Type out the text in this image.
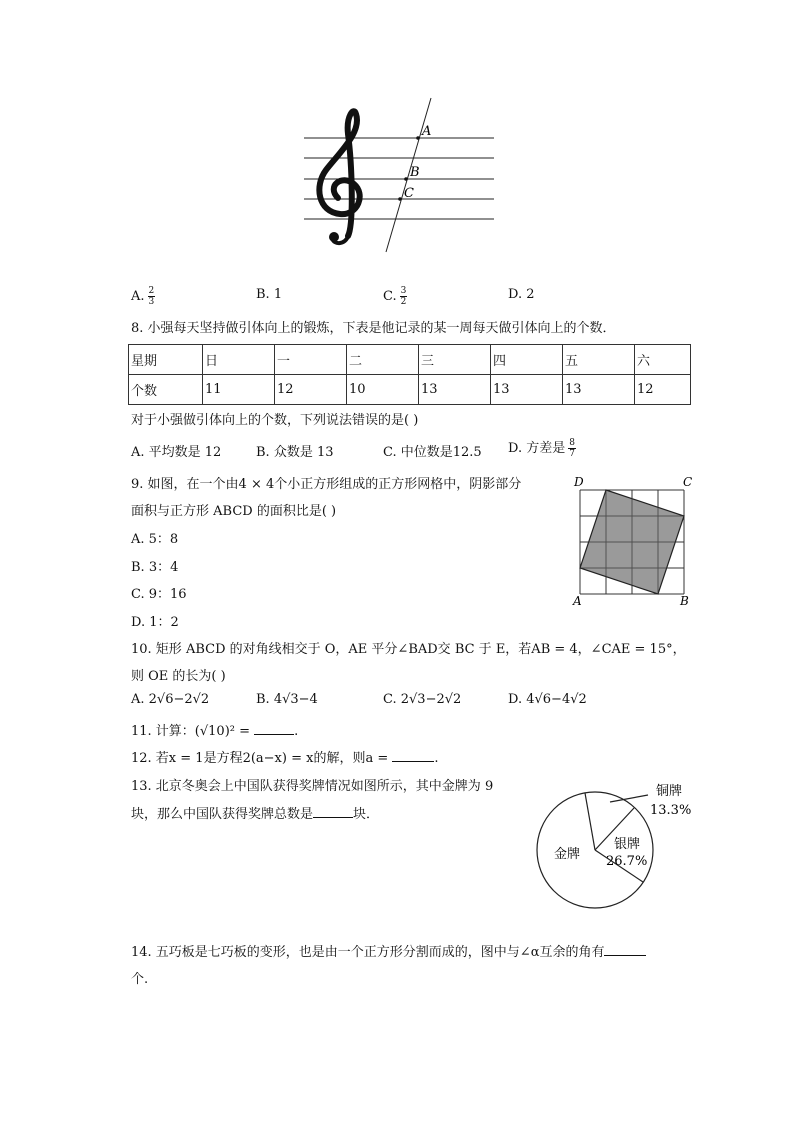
A
B
C
A. $\frac{2}{3}$	B. 1	C. $\frac{3}{2}$	D. 2
8. 小强每天坚持做引体向上的锻炼，下表是他记录的某一周每天做引体向上的个数．
星期	日	一	二	三	四	五	六
个数	11	12	10	13	13	13	12
对于小强做引体向上的个数，下列说法错误的是( )
A. 平均数是 12	B. 众数是 13	C. 中位数是12.5 D. 方差是 $\frac{8}{7}$
9. 如图，在一个由4 × 4个小正方形组成的正方形网格中，阴影部分
面积与正方形 ABCD 的面积比是( )
A. 5：8
B. 3：4
C. 9：16
D. 1：2
D	C
A	B
10. 矩形 ABCD 的对角线相交于 O，AE 平分∠BAD交 BC 于 E，若AB = 4，∠CAE = 15°，
则 OE 的长为( )
A. 2√6−2√2	B. 4√3−4	C. 2√3−2√2	D. 4√6−4√2
11. 计算：(√10)² =	.
12. 若x = 1是方程2(a−x) = x的解，则a =	.
13. 北京冬奥会上中国队获得奖牌情况如图所示，其中金牌为 9
块，那么中国队获得奖牌总数是	块．
金牌
银牌
26.7%
铜牌
13.3%
14. 五巧板是七巧板的变形，也是由一个正方形分割而成的，图中与∠α互余的角有
个.
